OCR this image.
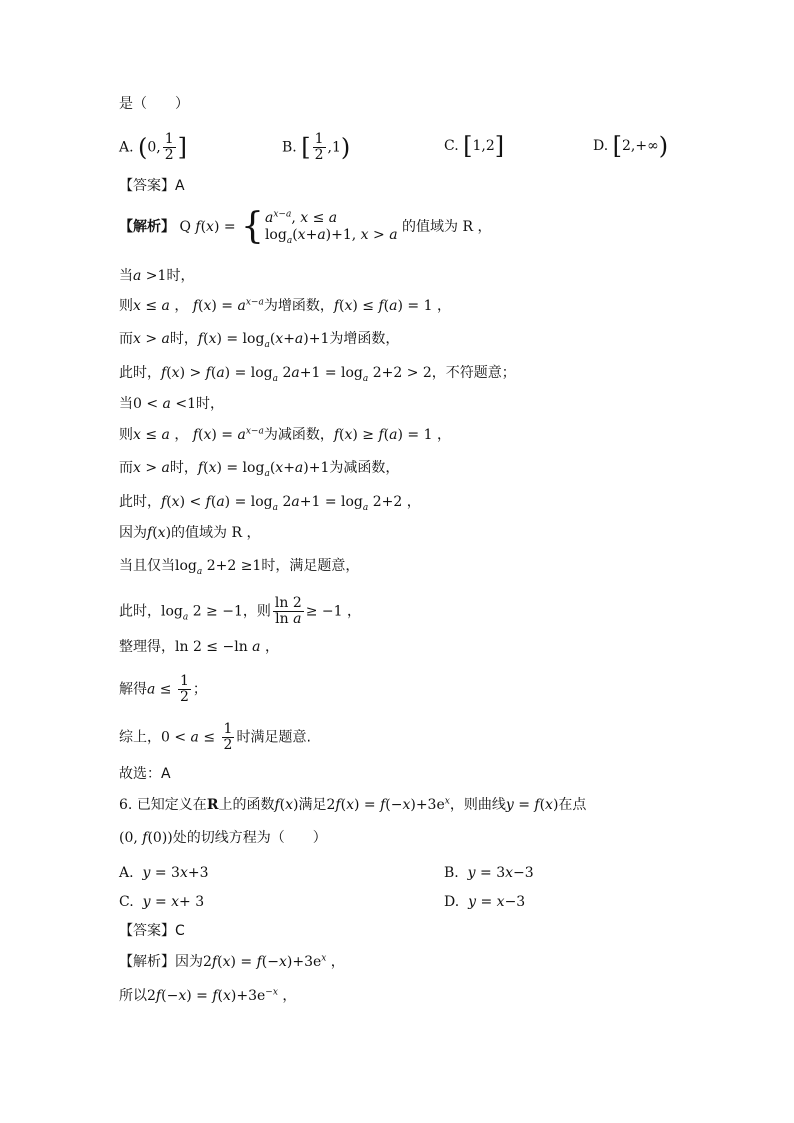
是（　　）
A. (0, $\frac{1}{2}$ ]	B. [ $\frac{1}{2} ,1$)	C. [1,2]	D. [2,+∞)
【答案】A
【解析】 Q f(x) = { $a^{x-a}$, x ≤ a
$\log_a(x+a)+1$, x > a 的值域为 R ，
当a >1时，
则x ≤ a ， $f(x) = a^{x-a}$为增函数，f(x) ≤ f(a) = 1 ，
而x > a时，$f(x) = \log_a(x+a)+1$为增函数，
此时，$f(x) > f(a) = \log_a 2a+1 = \log_a 2+2 > 2$，不符题意；
当0 < a <1时，
则x ≤ a ， $f(x) = a^{x-a}$为减函数，f(x) ≥ f(a) = 1 ，
而x > a时，$f(x) = \log_a(x+a)+1$为减函数，
此时，$f(x) < f(a) = \log_a 2a+1 = \log_a 2+2$ ，
因为f(x)的值域为 R ，
当且仅当$\log_a 2+2 \ge 1$时，满足题意，
此时，$\log_a 2 \ge -1$，则 $\frac{\ln 2}{\text{ln a}} \ge -1$ ，
整理得，ln 2 ≤ −ln a ，
解得$a \le \frac{1}{2}$ ；
综上，$0 < a \le \frac{1}{2}$ 时满足题意.
故选：A
6. 已知定义在R上的函数f(x)满足$2f(x) = f(-x)+3e^x$，则曲线y = f(x)在点
(0, f(0))处的切线方程为（　　）
A. y = 3x+3	B. y = 3x−3
C. y = x+ 3	D. y = x−3
【答案】C
【解析】因为$2f(x) = f(-x)+3e^x$ ，
所以$2f(-x) = f(x)+3e^{-x}$ ，
